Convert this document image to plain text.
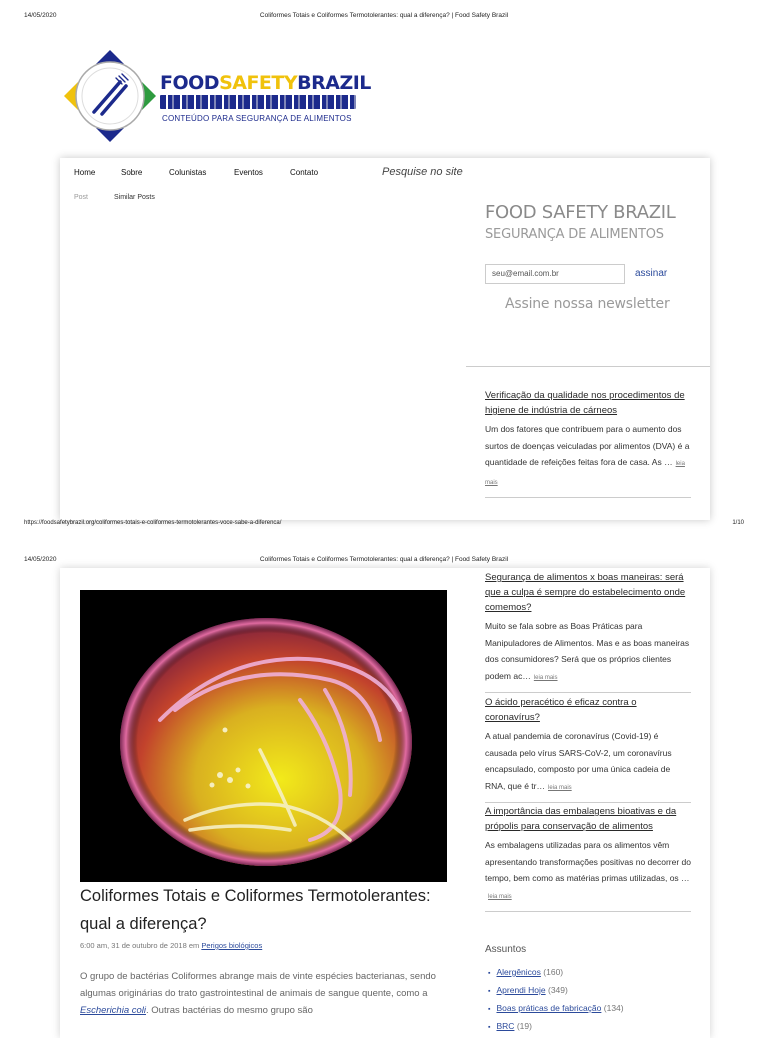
14/05/2020	Coliformes Totais e Coliformes Termotolerantes: qual a diferença? | Food Safety Brazil
FOODSAFETYBRAZIL
CONTEÚDO PARA SEGURANÇA DE ALIMENTOS
Home	Sobre	Colunistas	Eventos	Contato	Pesquise no site
Post	Similar Posts
FOOD SAFETY BRAZIL
SEGURANÇA DE ALIMENTOS
seu@email.com.br	assinar
Assine nossa newsletter
Verificação da qualidade nos procedimentos de higiene de indústria de cárneos
Um dos fatores que contribuem para o aumento dos surtos de doenças veiculadas por alimentos (DVA) é a quantidade de refeições feitas fora de casa. As … leia mais
https://foodsafetybrazil.org/coliformes-totais-e-coliformes-termotolerantes-voce-sabe-a-diferenca/	1/10
14/05/2020	Coliformes Totais e Coliformes Termotolerantes: qual a diferença? | Food Safety Brazil
Segurança de alimentos x boas maneiras: será que a culpa é sempre do estabelecimento onde comemos?
Muito se fala sobre as Boas Práticas para Manipuladores de Alimentos. Mas e as boas maneiras dos consumidores? Será que os próprios clientes podem ac… leia mais
O ácido peracético é eficaz contra o coronavírus?
A atual pandemia de coronavírus (Covid-19) é causada pelo vírus SARS-CoV-2, um coronavírus encapsulado, composto por uma única cadeia de RNA, que é tr… leia mais
A importância das embalagens bioativas e da própolis para conservação de alimentos
As embalagens utilizadas para os alimentos vêm apresentando transformações positivas no decorrer do tempo, bem como as matérias primas utilizadas, os …leia mais
Coliformes Totais e Coliformes Termotolerantes: qual a diferença?
6:00 am, 31 de outubro de 2018 em Perigos biológicos
O grupo de bactérias Coliformes abrange mais de vinte espécies bacterianas, sendo algumas originárias do trato gastrointestinal de animais de sangue quente, como a Escherichia coli. Outras bactérias do mesmo grupo são
Assuntos
▪ Alergênicos (160)
▪ Aprendi Hoje (349)
▪ Boas práticas de fabricação (134)
▪ BRC (19)
